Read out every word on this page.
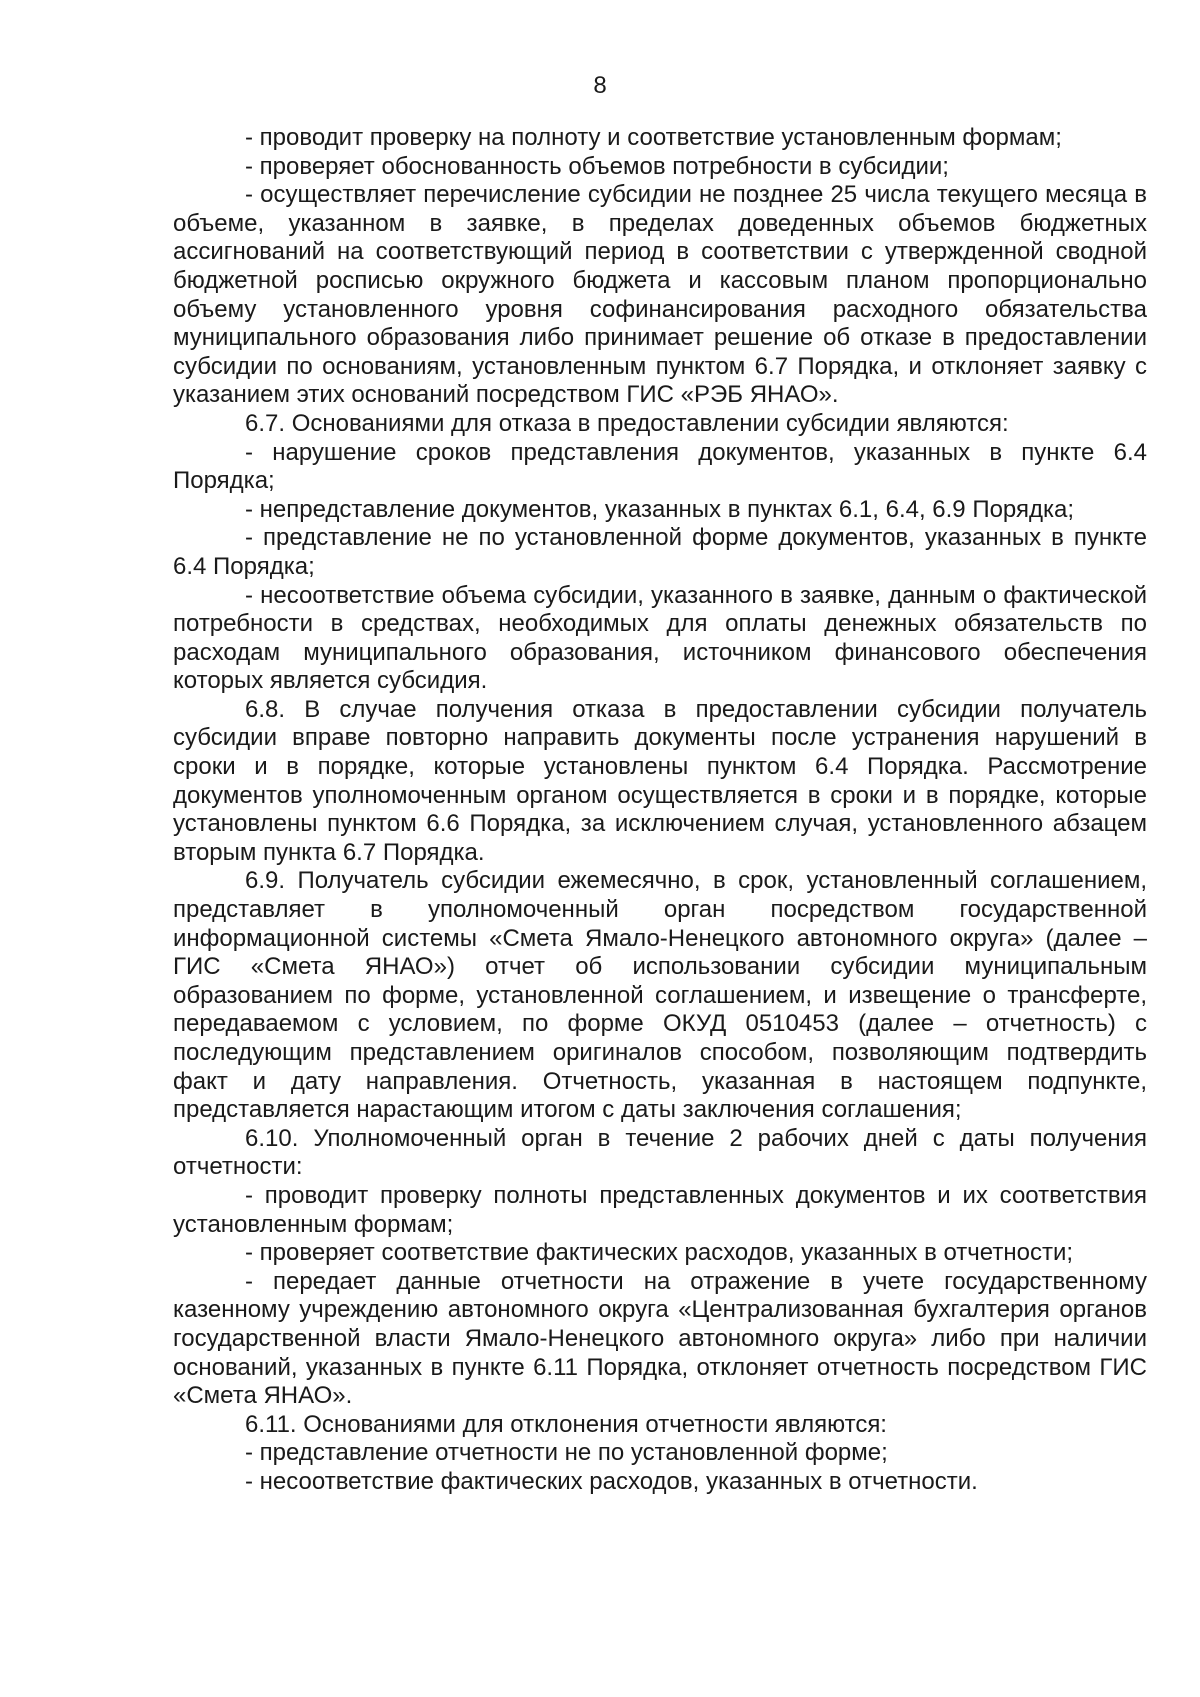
8

- проводит проверку на полноту и соответствие установленным формам;

- проверяет обоснованность объемов потребности в субсидии;

- осуществляет перечисление субсидии не позднее 25 числа текущего месяца в объеме, указанном в заявке, в пределах доведенных объемов бюджетных ассигнований на соответствующий период в соответствии с утвержденной сводной бюджетной росписью окружного бюджета и кассовым планом пропорционально объему установленного уровня софинансирования расходного обязательства муниципального образования либо принимает решение об отказе в предоставлении субсидии по основаниям, установленным пунктом 6.7 Порядка, и отклоняет заявку с указанием этих оснований посредством ГИС «РЭБ ЯНАО».

6.7. Основаниями для отказа в предоставлении субсидии являются:

- нарушение сроков представления документов, указанных в пункте 6.4 Порядка;

- непредставление документов, указанных в пунктах 6.1, 6.4, 6.9 Порядка;

- представление не по установленной форме документов, указанных в пункте 6.4 Порядка;

- несоответствие объема субсидии, указанного в заявке, данным о фактической потребности в средствах, необходимых для оплаты денежных обязательств по расходам муниципального образования, источником финансового обеспечения которых является субсидия.

6.8. В случае получения отказа в предоставлении субсидии получатель субсидии вправе повторно направить документы после устранения нарушений в сроки и в порядке, которые установлены пунктом 6.4 Порядка. Рассмотрение документов уполномоченным органом осуществляется в сроки и в порядке, которые установлены пунктом 6.6 Порядка, за исключением случая, установленного абзацем вторым пункта 6.7 Порядка.

6.9. Получатель субсидии ежемесячно, в срок, установленный соглашением, представляет в уполномоченный орган посредством государственной информационной системы «Смета Ямало-Ненецкого автономного округа» (далее – ГИС «Смета ЯНАО») отчет об использовании субсидии муниципальным образованием по форме, установленной соглашением, и извещение о трансферте, передаваемом с условием, по форме ОКУД 0510453 (далее – отчетность) с последующим представлением оригиналов способом, позволяющим подтвердить факт и дату направления. Отчетность, указанная в настоящем подпункте, представляется нарастающим итогом с даты заключения соглашения;

6.10. Уполномоченный орган в течение 2 рабочих дней с даты получения отчетности:

- проводит проверку полноты представленных документов и их соответствия установленным формам;

- проверяет соответствие фактических расходов, указанных в отчетности;

- передает данные отчетности на отражение в учете государственному казенному учреждению автономного округа «Централизованная бухгалтерия органов государственной власти Ямало-Ненецкого автономного округа» либо при наличии оснований, указанных в пункте 6.11 Порядка, отклоняет отчетность посредством ГИС «Смета ЯНАО».

6.11. Основаниями для отклонения отчетности являются:

- представление отчетности не по установленной форме;

- несоответствие фактических расходов, указанных в отчетности.
